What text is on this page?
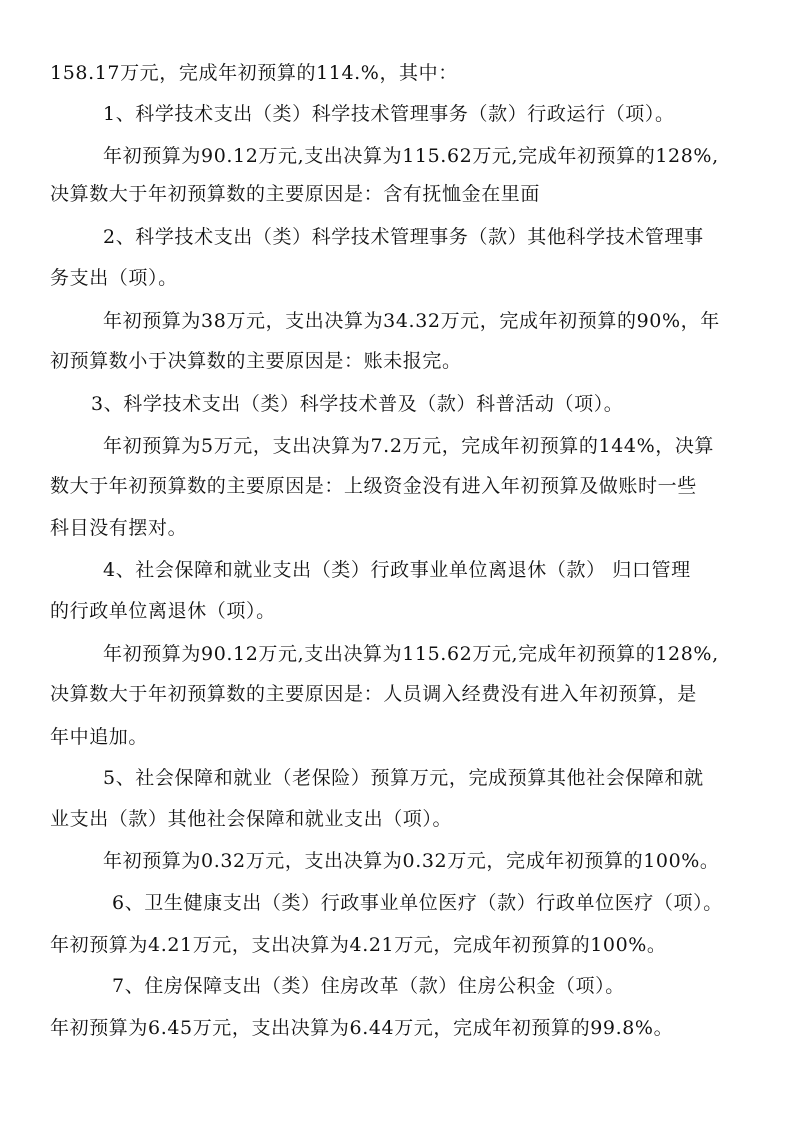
158.17万元，完成年初预算的114.%，其中：
1、科学技术支出（类）科学技术管理事务（款）行政运行（项）。
年初预算为90.12万元,支出决算为115.62万元,完成年初预算的128%,
决算数大于年初预算数的主要原因是：含有抚恤金在里面
2、科学技术支出（类）科学技术管理事务（款）其他科学技术管理事
务支出（项）。
年初预算为38万元，支出决算为34.32万元，完成年初预算的90%，年
初预算数小于决算数的主要原因是：账未报完。
3、科学技术支出（类）科学技术普及（款）科普活动（项）。
年初预算为5万元，支出决算为7.2万元，完成年初预算的144%，决算
数大于年初预算数的主要原因是：上级资金没有进入年初预算及做账时一些
科目没有摆对。
4、社会保障和就业支出（类）行政事业单位离退休（款） 归口管理
的行政单位离退休（项）。
年初预算为90.12万元,支出决算为115.62万元,完成年初预算的128%,
决算数大于年初预算数的主要原因是：人员调入经费没有进入年初预算，是
年中追加。
5、社会保障和就业（老保险）预算万元，完成预算其他社会保障和就
业支出（款）其他社会保障和就业支出（项）。
年初预算为0.32万元，支出决算为0.32万元，完成年初预算的100%。
6、卫生健康支出（类）行政事业单位医疗（款）行政单位医疗（项）。
年初预算为4.21万元，支出决算为4.21万元，完成年初预算的100%。
7、住房保障支出（类）住房改革（款）住房公积金（项）。
年初预算为6.45万元，支出决算为6.44万元，完成年初预算的99.8%。
